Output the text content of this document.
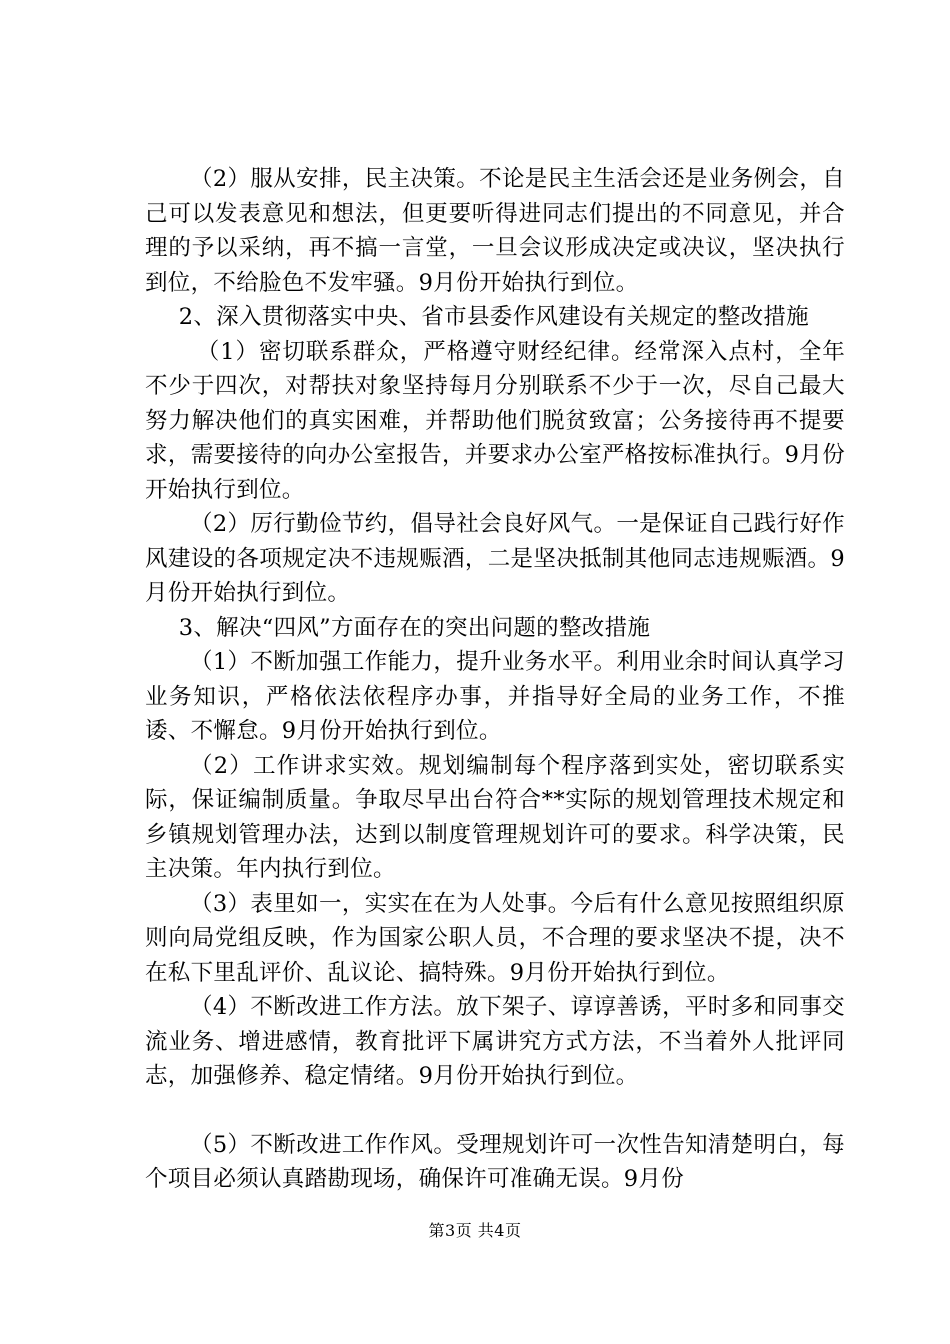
（2）服从安排，民主决策。不论是民主生活会还是业务例会，自己可以发表意见和想法，但更要听得进同志们提出的不同意见，并合理的予以采纳，再不搞一言堂，一旦会议形成决定或决议，坚决执行到位，不给脸色不发牢骚。9月份开始执行到位。

2、深入贯彻落实中央、省市县委作风建设有关规定的整改措施

（1）密切联系群众，严格遵守财经纪律。经常深入点村，全年不少于四次，对帮扶对象坚持每月分别联系不少于一次，尽自己最大努力解决他们的真实困难，并帮助他们脱贫致富；公务接待再不提要求，需要接待的向办公室报告，并要求办公室严格按标准执行。9月份开始执行到位。

（2）厉行勤俭节约，倡导社会良好风气。一是保证自己践行好作风建设的各项规定决不违规赈酒，二是坚决抵制其他同志违规赈酒。9月份开始执行到位。

3、解决“四风”方面存在的突出问题的整改措施

（1）不断加强工作能力，提升业务水平。利用业余时间认真学习业务知识，严格依法依程序办事，并指导好全局的业务工作，不推诿、不懈怠。9月份开始执行到位。

（2）工作讲求实效。规划编制每个程序落到实处，密切联系实际，保证编制质量。争取尽早出台符合**实际的规划管理技术规定和乡镇规划管理办法，达到以制度管理规划许可的要求。科学决策，民主决策。年内执行到位。

（3）表里如一，实实在在为人处事。今后有什么意见按照组织原则向局党组反映，作为国家公职人员，不合理的要求坚决不提，决不在私下里乱评价、乱议论、搞特殊。9月份开始执行到位。

（4）不断改进工作方法。放下架子、谆谆善诱，平时多和同事交流业务、增进感情，教育批评下属讲究方式方法，不当着外人批评同志，加强修养、稳定情绪。9月份开始执行到位。

（5）不断改进工作作风。受理规划许可一次性告知清楚明白，每个项目必须认真踏勘现场，确保许可准确无误。9月份

第3页 共4页
